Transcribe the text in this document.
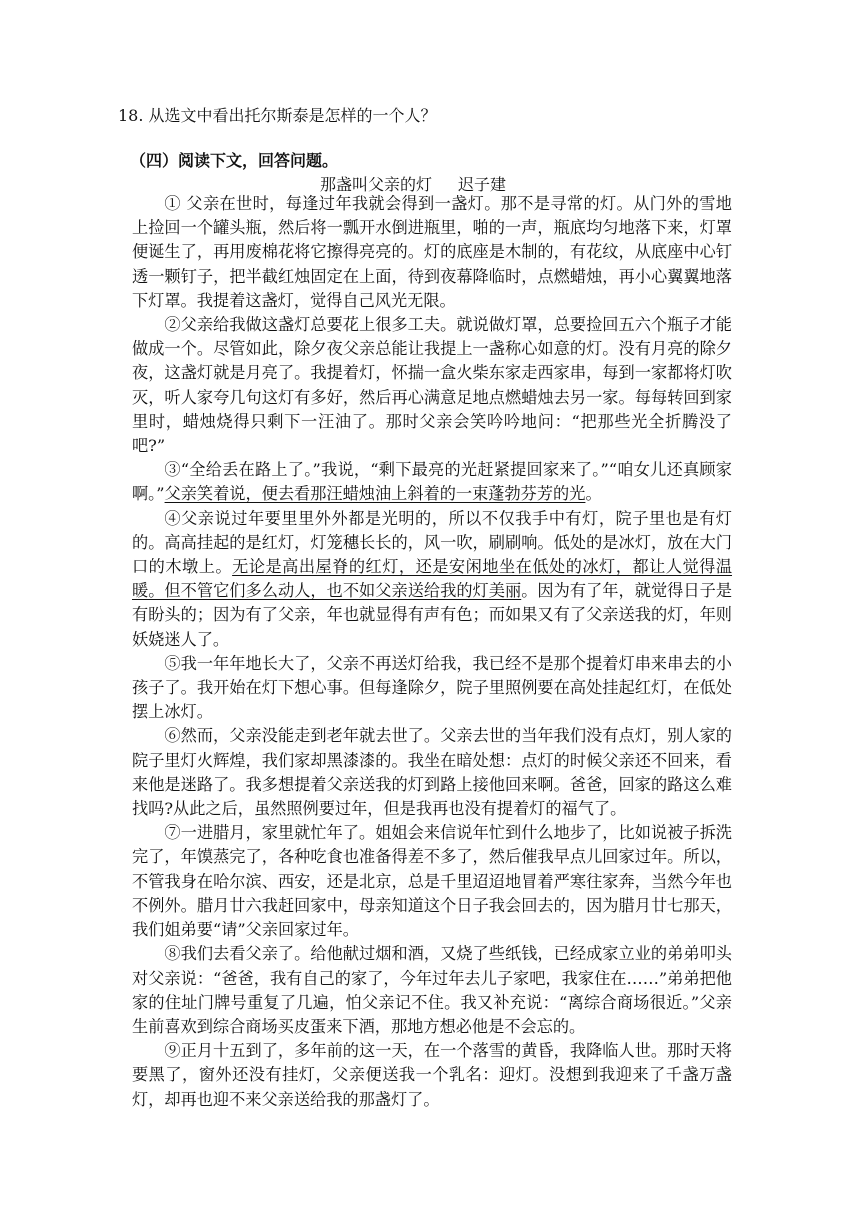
18. 从选文中看出托尔斯泰是怎样的一个人？
（四）阅读下文，回答问题。
那盏叫父亲的灯 迟子建

① 父亲在世时，每逢过年我就会得到一盏灯。那不是寻常的灯。从门外的雪地上捡回一个罐头瓶，然后将一瓢开水倒进瓶里，啪的一声，瓶底均匀地落下来，灯罩便诞生了，再用废棉花将它擦得亮亮的。灯的底座是木制的，有花纹，从底座中心钉透一颗钉子，把半截红烛固定在上面，待到夜幕降临时，点燃蜡烛，再小心翼翼地落下灯罩。我提着这盏灯，觉得自己风光无限。

②父亲给我做这盏灯总要花上很多工夫。就说做灯罩，总要捡回五六个瓶子才能做成一个。尽管如此，除夕夜父亲总能让我提上一盏称心如意的灯。没有月亮的除夕夜，这盏灯就是月亮了。我提着灯，怀揣一盒火柴东家走西家串，每到一家都将灯吹灭，听人家夸几句这灯有多好，然后再心满意足地点燃蜡烛去另一家。每每转回到家里时，蜡烛烧得只剩下一汪油了。那时父亲会笑吟吟地问：“把那些光全折腾没了吧?”

③“全给丢在路上了。”我说，“剩下最亮的光赶紧提回家来了。”“咱女儿还真顾家啊。”父亲笑着说，便去看那汪蜡烛油上斜着的一束蓬勃芬芳的光。

④父亲说过年要里里外外都是光明的，所以不仅我手中有灯，院子里也是有灯的。高高挂起的是红灯，灯笼穗长长的，风一吹，刷刷响。低处的是冰灯，放在大门口的木墩上。无论是高出屋脊的红灯，还是安闲地坐在低处的冰灯，都让人觉得温暖。但不管它们多么动人，也不如父亲送给我的灯美丽。因为有了年，就觉得日子是有盼头的；因为有了父亲，年也就显得有声有色；而如果又有了父亲送我的灯，年则妖娆迷人了。

⑤我一年年地长大了，父亲不再送灯给我，我已经不是那个提着灯串来串去的小孩子了。我开始在灯下想心事。但每逢除夕，院子里照例要在高处挂起红灯，在低处摆上冰灯。

⑥然而，父亲没能走到老年就去世了。父亲去世的当年我们没有点灯，别人家的院子里灯火辉煌，我们家却黑漆漆的。我坐在暗处想：点灯的时候父亲还不回来，看来他是迷路了。我多想提着父亲送我的灯到路上接他回来啊。爸爸，回家的路这么难找吗?从此之后，虽然照例要过年，但是我再也没有提着灯的福气了。

⑦一进腊月，家里就忙年了。姐姐会来信说年忙到什么地步了，比如说被子拆洗完了，年馍蒸完了，各种吃食也准备得差不多了，然后催我早点儿回家过年。所以，不管我身在哈尔滨、西安，还是北京，总是千里迢迢地冒着严寒往家奔，当然今年也不例外。腊月廿六我赶回家中，母亲知道这个日子我会回去的，因为腊月廿七那天，我们姐弟要“请”父亲回家过年。

⑧我们去看父亲了。给他献过烟和酒，又烧了些纸钱，已经成家立业的弟弟叩头对父亲说：“爸爸，我有自己的家了，今年过年去儿子家吧，我家住在……”弟弟把他家的住址门牌号重复了几遍，怕父亲记不住。我又补充说：“离综合商场很近。”父亲生前喜欢到综合商场买皮蛋来下酒，那地方想必他是不会忘的。

⑨正月十五到了，多年前的这一天，在一个落雪的黄昏，我降临人世。那时天将要黑了，窗外还没有挂灯，父亲便送我一个乳名：迎灯。没想到我迎来了千盏万盏灯，却再也迎不来父亲送给我的那盏灯了。
